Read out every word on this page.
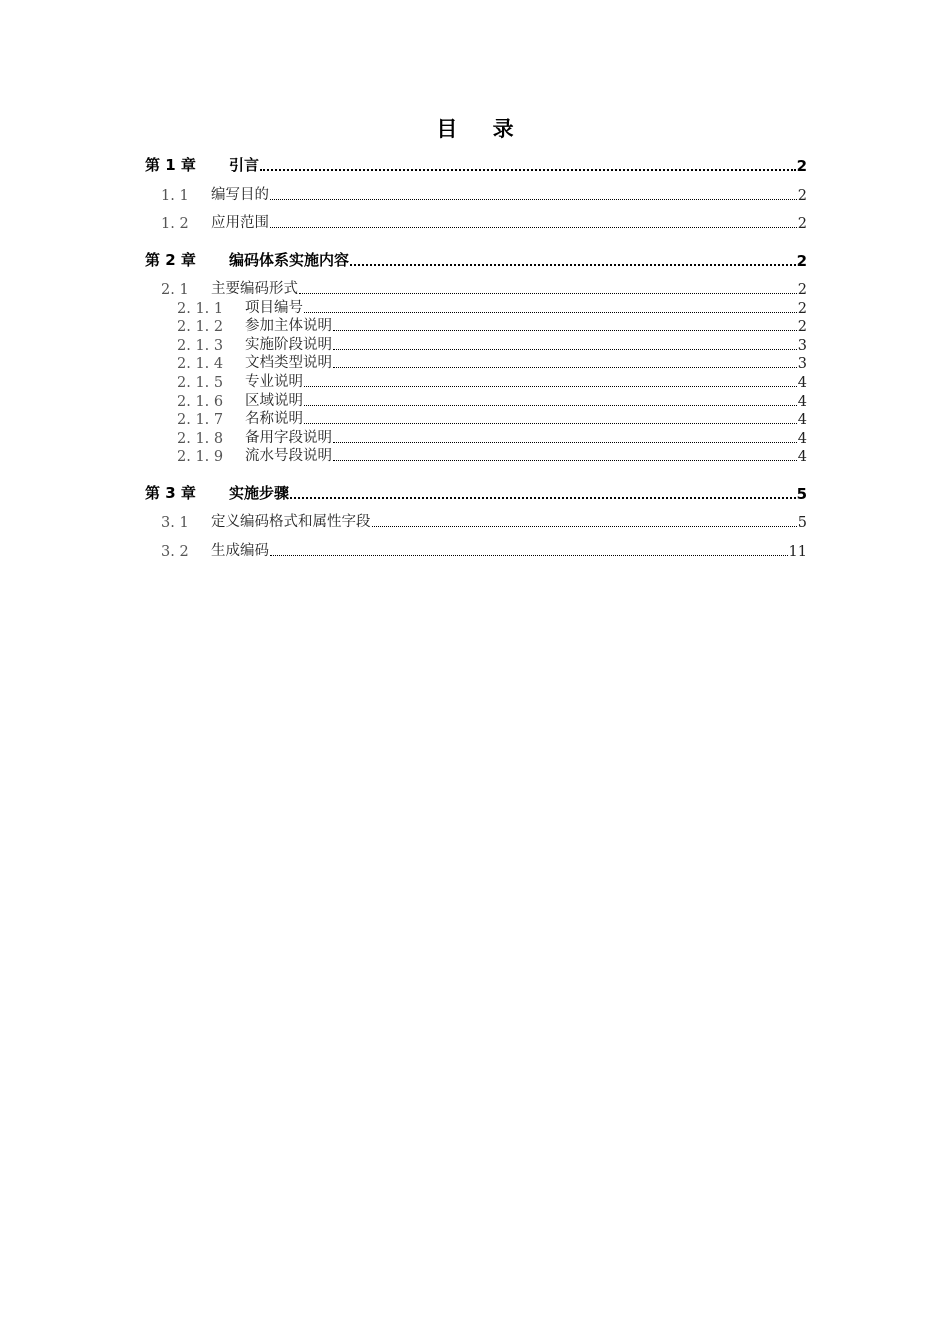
目 录
第 1 章	引言	2
1. 1	编写目的	2
1. 2	应用范围	2
第 2 章	编码体系实施内容	2
2. 1	主要编码形式	2
2. 1. 1	项目编号	2
2. 1. 2	参加主体说明	2
2. 1. 3	实施阶段说明	3
2. 1. 4	文档类型说明	3
2. 1. 5	专业说明	4
2. 1. 6	区域说明	4
2. 1. 7	名称说明	4
2. 1. 8	备用字段说明	4
2. 1. 9	流水号段说明	4
第 3 章	实施步骤	5
3. 1	定义编码格式和属性字段	5
3. 2	生成编码	11
